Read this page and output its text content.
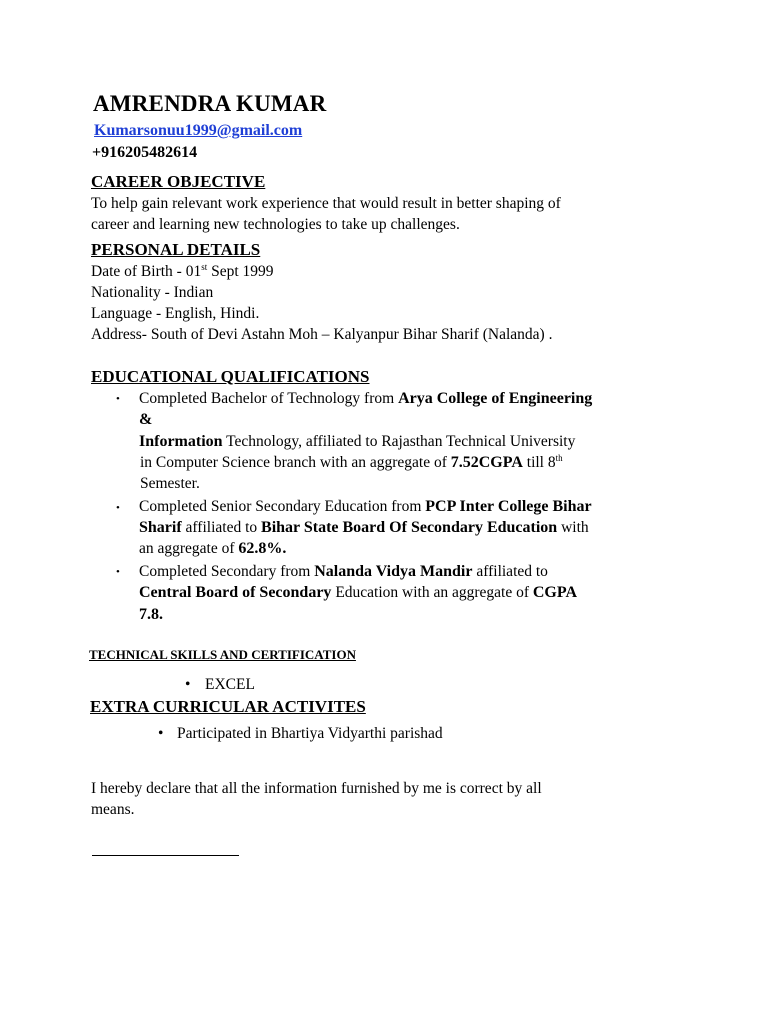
AMRENDRA KUMAR
Kumarsonuu1999@gmail.com
+916205482614
CAREER OBJECTIVE
To help gain relevant work experience that would result in better shaping of
career and learning new technologies to take up challenges.
PERSONAL DETAILS
Date of Birth - 01st Sept 1999
Nationality - Indian
Language - English, Hindi.
Address- South of Devi Astahn Moh – Kalyanpur Bihar Sharif (Nalanda) .
EDUCATIONAL QUALIFICATIONS
• Completed Bachelor of Technology from Arya College of Engineering
&
Information Technology, affiliated to Rajasthan Technical University
in Computer Science branch with an aggregate of 7.52CGPA till 8th
Semester.
• Completed Senior Secondary Education from PCP Inter College Bihar
Sharif affiliated to Bihar State Board Of Secondary Education with
an aggregate of 62.8%.
• Completed Secondary from Nalanda Vidya Mandir affiliated to
Central Board of Secondary Education with an aggregate of CGPA
7.8.
TECHNICAL SKILLS AND CERTIFICATION
• EXCEL
EXTRA CURRICULAR ACTIVITES
• Participated in Bhartiya Vidyarthi parishad
I hereby declare that all the information furnished by me is correct by all
means.
